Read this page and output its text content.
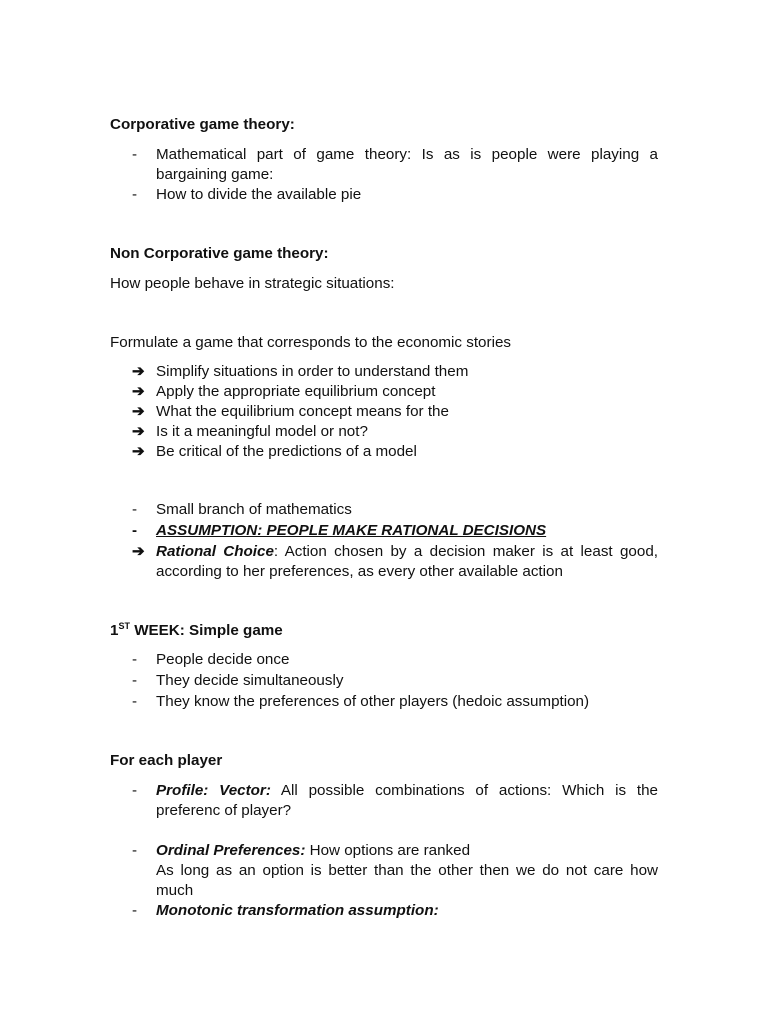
Corporative game theory:
-	Mathematical part of game theory: Is as is people were playing a bargaining game:
-	How to divide the available pie
Non Corporative game theory:
How people behave in strategic situations:
Formulate a game that corresponds to the economic stories
➔ Simplify situations in order to understand them
➔ Apply the appropriate equilibrium concept
➔ What the equilibrium concept means for the
➔ Is it a meaningful model or not?
➔ Be critical of the predictions of a model
-	Small branch of mathematics
-	ASSUMPTION: PEOPLE MAKE RATIONAL DECISIONS
➔ Rational Choice: Action chosen by a decision maker is at least good, according to her preferences, as every other available action
1ST WEEK: Simple game
-	People decide once
-	They decide simultaneously
-	They know the preferences of other players (hedoic assumption)
For each player
-	Profile: Vector: All possible combinations of actions: Which is the preferenc of player?
-	Ordinal Preferences: How options are ranked
As long as an option is better than the other then we do not care how much
-	Monotonic transformation assumption:
